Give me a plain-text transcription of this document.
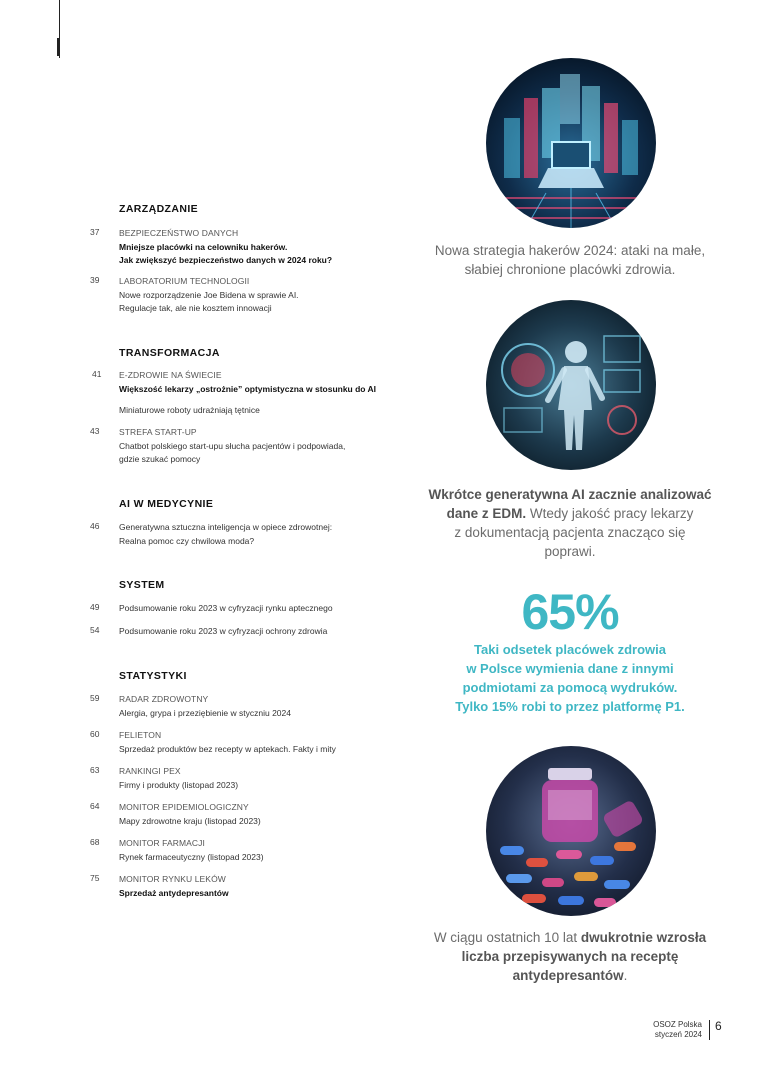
ZARZĄDZANIE
37	BEZPIECZEŃSTWO DANYCH
Mniejsze placówki na celowniku hakerów.
Jak zwiększyć bezpieczeństwo danych w 2024 roku?
39	LABORATORIUM TECHNOLOGII
Nowe rozporządzenie Joe Bidena w sprawie AI.
Regulacje tak, ale nie kosztem innowacji
TRANSFORMACJA
41	E-ZDROWIE NA ŚWIECIE
Większość lekarzy „ostrożnie” optymistyczna w stosunku do AI
Miniaturowe roboty udrażniają tętnice
43	STREFA START-UP
Chatbot polskiego start-upu słucha pacjentów i podpowiada,
gdzie szukać pomocy
AI W MEDYCYNIE
46	Generatywna sztuczna inteligencja w opiece zdrowotnej:
Realna pomoc czy chwilowa moda?
SYSTEM
49	Podsumowanie roku 2023 w cyfryzacji rynku aptecznego
54	Podsumowanie roku 2023 w cyfryzacji ochrony zdrowia
STATYSTYKI
59	RADAR ZDROWOTNY
Alergia, grypa i przeziębienie w styczniu 2024
60	FELIETON
Sprzedaż produktów bez recepty w aptekach. Fakty i mity
63	RANKINGI PEX
Firmy i produkty (listopad 2023)
64	MONITOR EPIDEMIOLOGICZNY
Mapy zdrowotne kraju (listopad 2023)
68	MONITOR FARMACJI
Rynek farmaceutyczny (listopad 2023)
75	MONITOR RYNKU LEKÓW
Sprzedaż antydepresantów
Nowa strategia hakerów 2024: ataki na małe,
słabiej chronione placówki zdrowia.
Wkrótce generatywna AI zacznie analizować
dane z EDM. Wtedy jakość pracy lekarzy
z dokumentacją pacjenta znacząco się
poprawi.
65%
Taki odsetek placówek zdrowia
w Polsce wymienia dane z innymi
podmiotami za pomocą wydruków.
Tylko 15% robi to przez platformę P1.
W ciągu ostatnich 10 lat dwukrotnie wzrosła
liczba przepisywanych na receptę
antydepresantów.
OSOZ Polska
styczeń 2024
6
